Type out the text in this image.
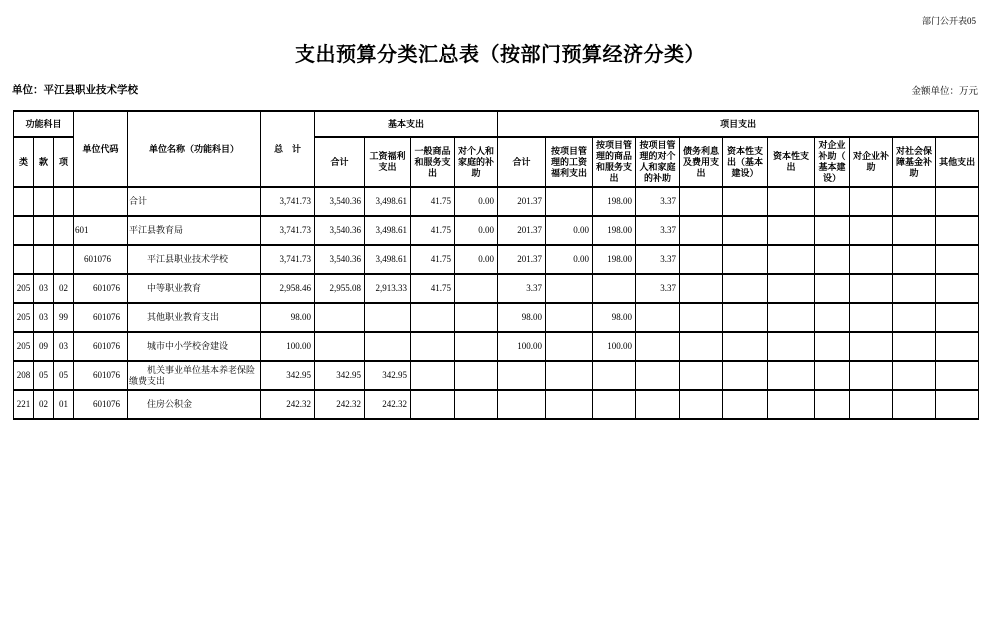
部门公开表05
支出预算分类汇总表（按部门预算经济分类）
单位：平江县职业技术学校	金额单位：万元
功能科目			单位代码	单位名称（功能科目）	总　计	基本支出				项目支出										
类	款	项				合计	工资福利支出	一般商品和服务支出	对个人和家庭的补助	合计	按项目管理的工资福利支出	按项目管理的商品和服务支出	按项目管理的对个人和家庭的补助	债务利息及费用支出	资本性支出（基本建设）	资本性支出	对企业补助（基本建设）	对企业补助	对社会保障基金补助	其他支出
				合计	3,741.73	3,540.36	3,498.61	41.75	0.00	201.37		198.00	3.37							
			601	平江县教育局	3,741.73	3,540.36	3,498.61	41.75	0.00	201.37	0.00	198.00	3.37							
			　601076	　　平江县职业技术学校	3,741.73	3,540.36	3,498.61	41.75	0.00	201.37	0.00	198.00	3.37							
205	03	02	　　601076	　　中等职业教育	2,958.46	2,955.08	2,913.33	41.75		3.37			3.37							
205	03	99	　　601076	　　其他职业教育支出	98.00					98.00		98.00								
205	09	03	　　601076	　　城市中小学校舍建设	100.00					100.00		100.00								
208	05	05	　　601076	　　机关事业单位基本养老保险缴费支出	342.95	342.95	342.95													
221	02	01	　　601076	　　住房公积金	242.32	242.32	242.32													
